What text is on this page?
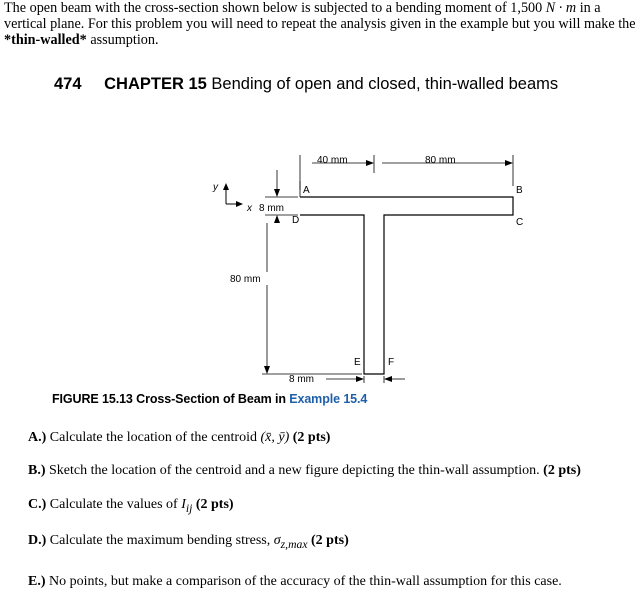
The open beam with the cross-section shown below is subjected to a bending moment of 1,500 N · m in a vertical plane. For this problem you will need to repeat the analysis given in the example but you will make the *thin-walled* assumption.
474 CHAPTER 15 Bending of open and closed, thin-walled beams
40 mm	80 mm
8 mm
80 mm
8 mm
A	B
C
D
E	F
y
x
FIGURE 15.13 Cross-Section of Beam in Example 15.4
A.) Calculate the location of the centroid (x̄, ȳ) (2 pts)
B.) Sketch the location of the centroid and a new figure depicting the thin-wall assumption. (2 pts)
C.) Calculate the values of $I_{ij}$ (2 pts)
D.) Calculate the maximum bending stress, $\sigma_{z,max}$ (2 pts)
E.) No points, but make a comparison of the accuracy of the thin-wall assumption for this case.
